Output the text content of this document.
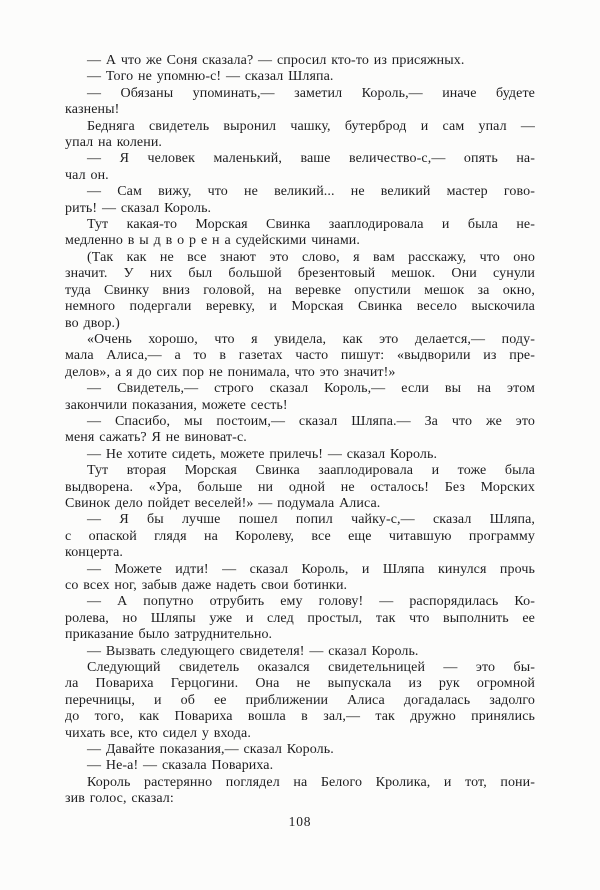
— А что же Соня сказала? — спросил кто-то из присяжных.
— Того не упомню-с! — сказал Шляпа.
— Обязаны упоминать,— заметил Король,— иначе будете
казнены!
Бедняга свидетель выронил чашку, бутерброд и сам упал —
упал на колени.
— Я человек маленький, ваше величество-с,— опять на-
чал он.
— Сам вижу, что не великий... не великий мастер гово-
рить! — сказал Король.
Тут какая-то Морская Свинка зааплодировала и была не-
медленно в ы д в о р е н а судейскими чинами.
(Так как не все знают это слово, я вам расскажу, что оно
значит. У них был большой брезентовый мешок. Они сунули
туда Свинку вниз головой, на веревке опустили мешок за окно,
немного подергали веревку, и Морская Свинка весело выскочила
во двор.)
«Очень хорошо, что я увидела, как это делается,— поду-
мала Алиса,— а то в газетах часто пишут: «выдворили из пре-
делов», а я до сих пор не понимала, что это значит!»
— Свидетель,— строго сказал Король,— если вы на этом
закончили показания, можете сесть!
— Спасибо, мы постоим,— сказал Шляпа.— За что же это
меня сажать? Я не виноват-с.
— Не хотите сидеть, можете прилечь! — сказал Король.
Тут вторая Морская Свинка зааплодировала и тоже была
выдворена. «Ура, больше ни одной не осталось! Без Морских
Свинок дело пойдет веселей!» — подумала Алиса.
— Я бы лучше пошел попил чайку-с,— сказал Шляпа,
с опаской глядя на Королеву, все еще читавшую программу
концерта.
— Можете идти! — сказал Король, и Шляпа кинулся прочь
со всех ног, забыв даже надеть свои ботинки.
— А попутно отрубить ему голову! — распорядилась Ко-
ролева, но Шляпы уже и след простыл, так что выполнить ее
приказание было затруднительно.
— Вызвать следующего свидетеля! — сказал Король.
Следующий свидетель оказался свидетельницей — это бы-
ла Повариха Герцогини. Она не выпускала из рук огромной
перечницы, и об ее приближении Алиса догадалась задолго
до того, как Повариха вошла в зал,— так дружно принялись
чихать все, кто сидел у входа.
— Давайте показания,— сказал Король.
— Не-а! — сказала Повариха.
Король растерянно поглядел на Белого Кролика, и тот, пони-
зив голос, сказал:
108
